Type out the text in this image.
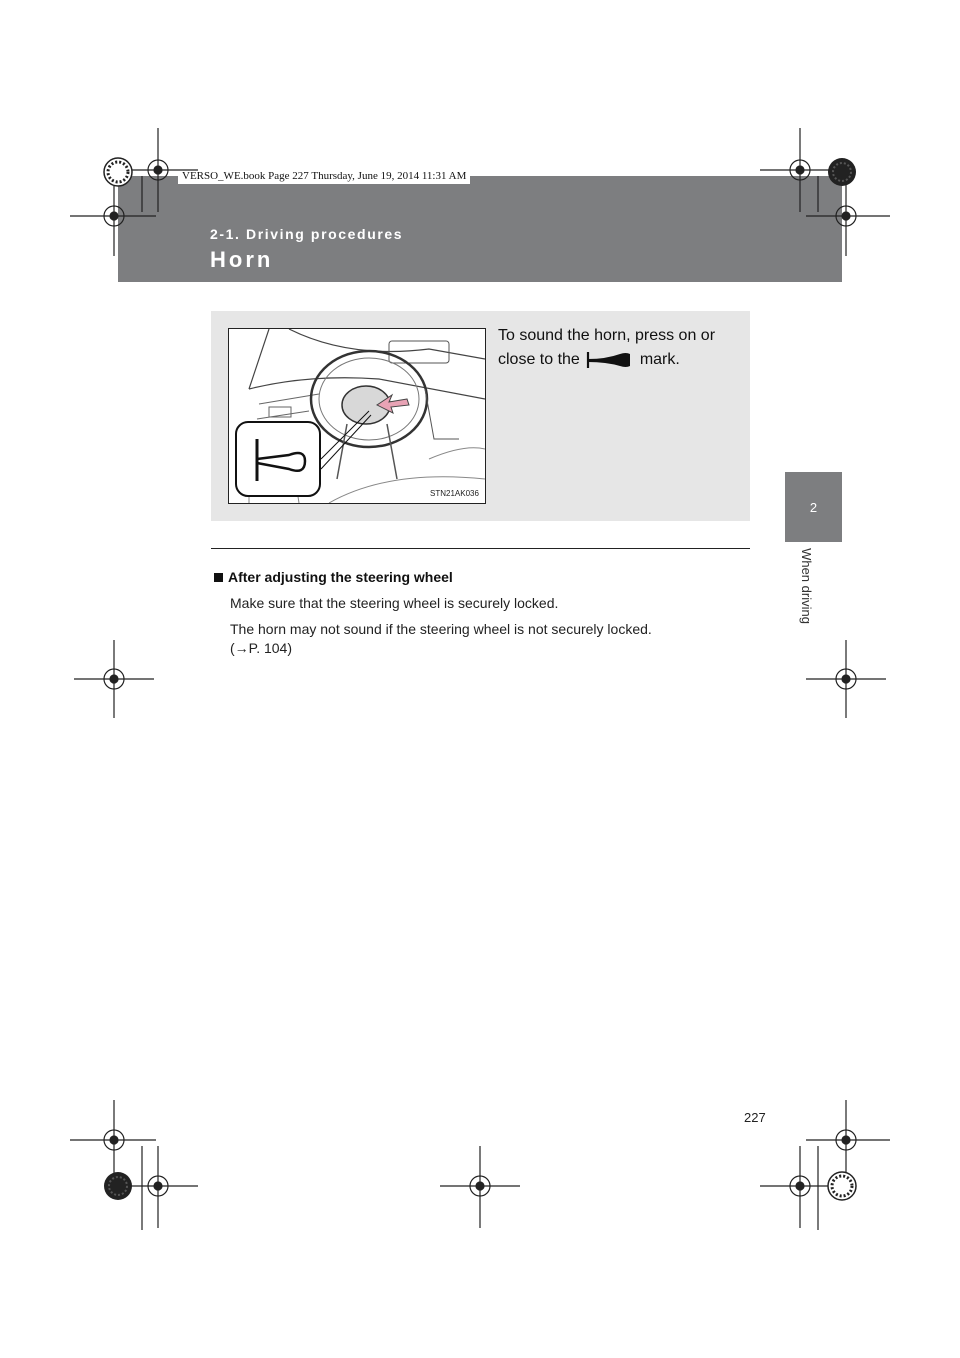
VERSO_WE.book Page 227 Thursday, June 19, 2014 11:31 AM
2-1. Driving procedures
Horn
2
When driving
STN21AK036
To sound the horn, press on or close to the	mark.
After adjusting the steering wheel
Make sure that the steering wheel is securely locked.
The horn may not sound if the steering wheel is not securely locked.
(→P. 104)
227
